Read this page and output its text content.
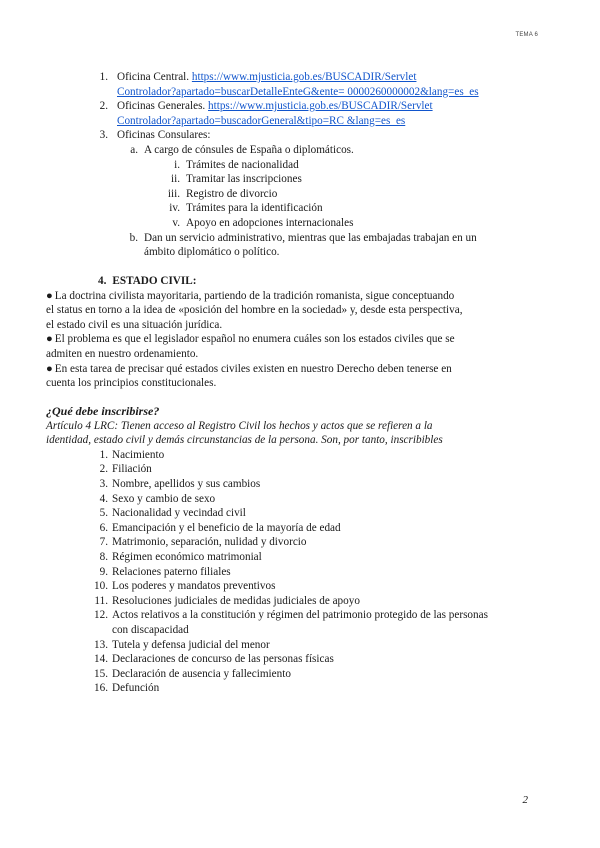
TEMA 6
1. Oficina Central. https://www.mjusticia.gob.es/BUSCADIR/Servlet
Controlador?apartado=buscarDetalleEnteG&ente= 0000260000002&lang=es_es
2. Oficinas Generales. https://www.mjusticia.gob.es/BUSCADIR/Servlet
Controlador?apartado=buscadorGeneral&tipo=RC &lang=es_es
3. Oficinas Consulares:
a. A cargo de cónsules de España o diplomáticos.
i. Trámites de nacionalidad
ii. Tramitar las inscripciones
iii. Registro de divorcio
iv. Trámites para la identificación
v. Apoyo en adopciones internacionales
b. Dan un servicio administrativo, mientras que las embajadas trabajan en un
ámbito diplomático o político.
4. ESTADO CIVIL:
● La doctrina civilista mayoritaria, partiendo de la tradición romanista, sigue conceptuando
el status en torno a la idea de «posición del hombre en la sociedad» y, desde esta perspectiva,
el estado civil es una situación jurídica.
● El problema es que el legislador español no enumera cuáles son los estados civiles que se
admiten en nuestro ordenamiento.
● En esta tarea de precisar qué estados civiles existen en nuestro Derecho deben tenerse en
cuenta los principios constitucionales.
¿Qué debe inscribirse?
Artículo 4 LRC: Tienen acceso al Registro Civil los hechos y actos que se refieren a la
identidad, estado civil y demás circunstancias de la persona. Son, por tanto, inscribibles
1. Nacimiento
2. Filiación
3. Nombre, apellidos y sus cambios
4. Sexo y cambio de sexo
5. Nacionalidad y vecindad civil
6. Emancipación y el beneficio de la mayoría de edad
7. Matrimonio, separación, nulidad y divorcio
8. Régimen económico matrimonial
9. Relaciones paterno filiales
10. Los poderes y mandatos preventivos
11. Resoluciones judiciales de medidas judiciales de apoyo
12. Actos relativos a la constitución y régimen del patrimonio protegido de las personas
con discapacidad
13. Tutela y defensa judicial del menor
14. Declaraciones de concurso de las personas físicas
15. Declaración de ausencia y fallecimiento
16. Defunción
2
